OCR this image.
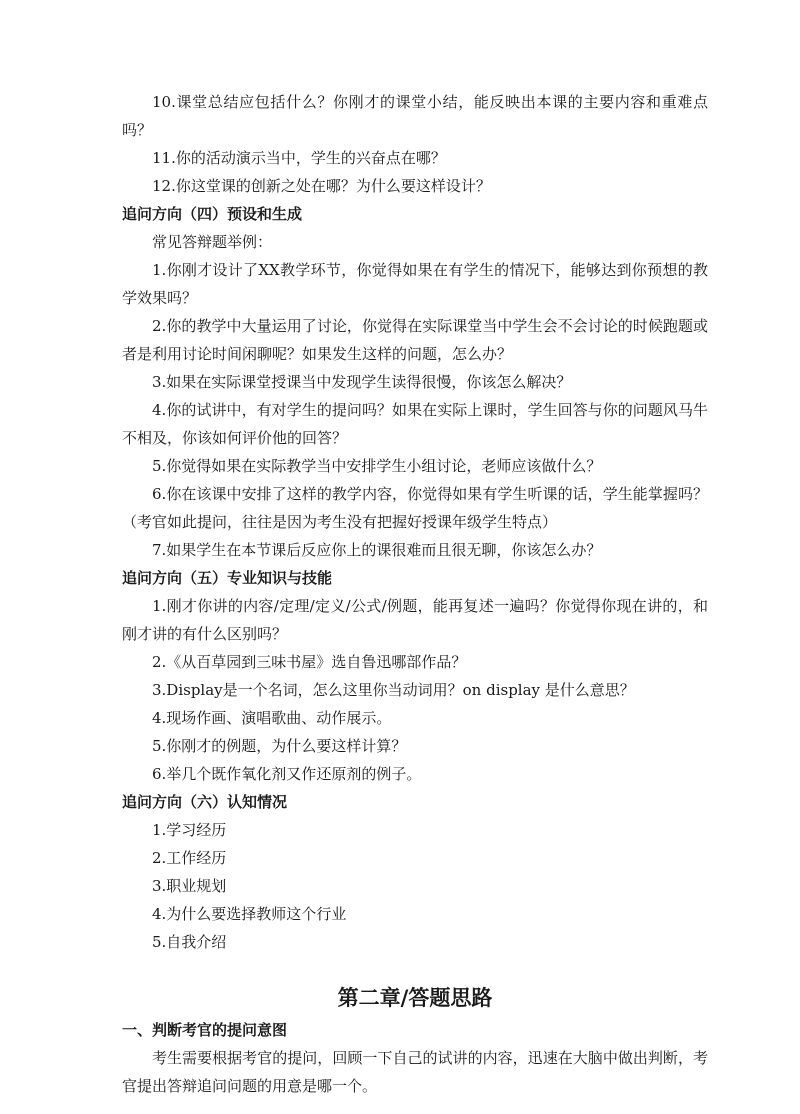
10.课堂总结应包括什么？你刚才的课堂小结，能反映出本课的主要内容和重难点吗？

11.你的活动演示当中，学生的兴奋点在哪？

12.你这堂课的创新之处在哪？为什么要这样设计？

追问方向（四）预设和生成

常见答辩题举例：

1.你刚才设计了XX教学环节，你觉得如果在有学生的情况下，能够达到你预想的教学效果吗？

2.你的教学中大量运用了讨论，你觉得在实际课堂当中学生会不会讨论的时候跑题或者是利用讨论时间闲聊呢？如果发生这样的问题，怎么办？

3.如果在实际课堂授课当中发现学生读得很慢，你该怎么解决？

4.你的试讲中，有对学生的提问吗？如果在实际上课时，学生回答与你的问题风马牛不相及，你该如何评价他的回答？

5.你觉得如果在实际教学当中安排学生小组讨论，老师应该做什么？

6.你在该课中安排了这样的教学内容，你觉得如果有学生听课的话，学生能掌握吗？（考官如此提问，往往是因为考生没有把握好授课年级学生特点）

7.如果学生在本节课后反应你上的课很难而且很无聊，你该怎么办？

追问方向（五）专业知识与技能

1.刚才你讲的内容/定理/定义/公式/例题，能再复述一遍吗？你觉得你现在讲的，和刚才讲的有什么区别吗？

2.《从百草园到三味书屋》选自鲁迅哪部作品？

3.Display是一个名词，怎么这里你当动词用？on display 是什么意思？

4.现场作画、演唱歌曲、动作展示。

5.你刚才的例题，为什么要这样计算？

6.举几个既作氧化剂又作还原剂的例子。

追问方向（六）认知情况

1.学习经历

2.工作经历

3.职业规划

4.为什么要选择教师这个行业

5.自我介绍

第二章/答题思路

一、判断考官的提问意图

考生需要根据考官的提问，回顾一下自己的试讲的内容，迅速在大脑中做出判断，考官提出答辩追问问题的用意是哪一个。
